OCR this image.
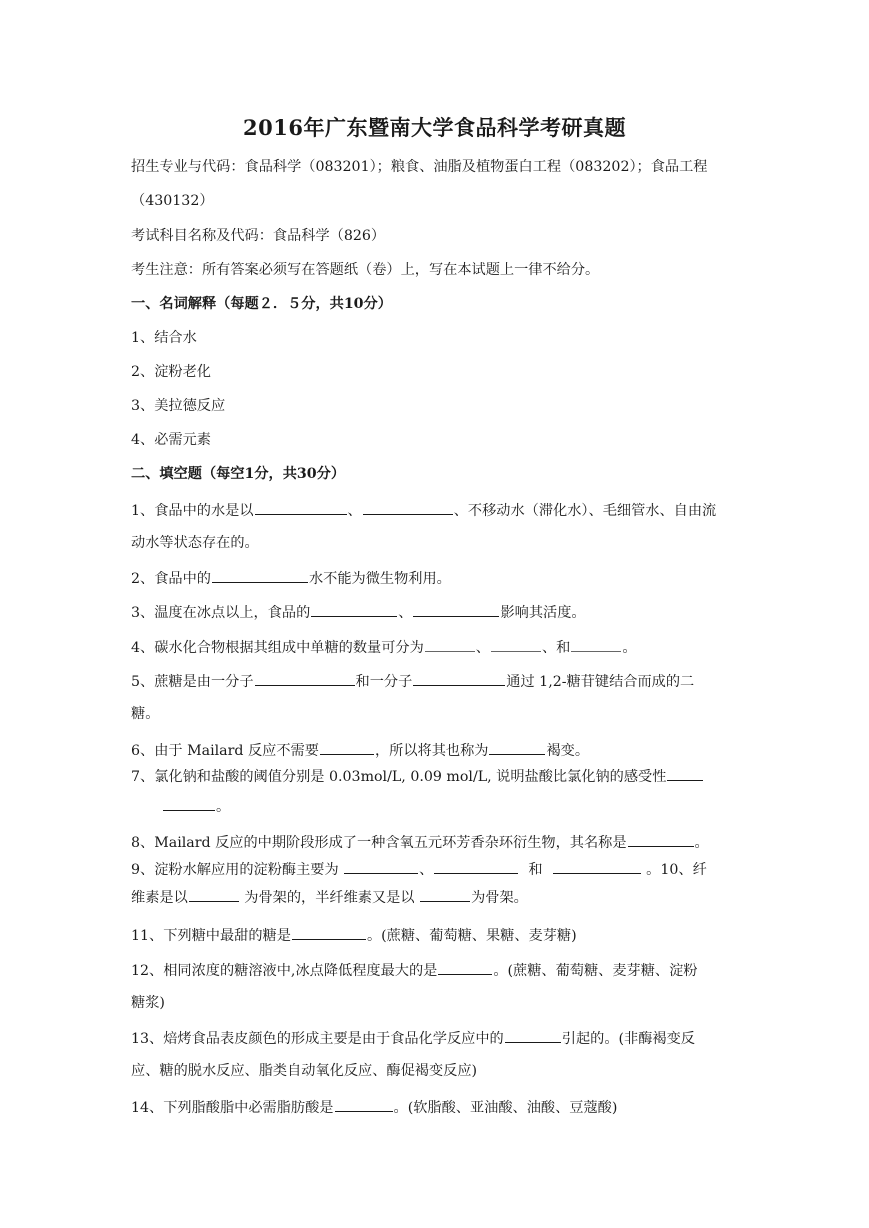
2016年广东暨南大学食品科学考研真题
招生专业与代码：食品科学（083201）；粮食、油脂及植物蛋白工程（083202）；食品工程
（430132）
考试科目名称及代码：食品科学（826）
考生注意：所有答案必须写在答题纸（卷）上，写在本试题上一律不给分。
一、名词解释（每题２．５分，共10分）
1、结合水
2、淀粉老化
3、美拉德反应
4、必需元素
二、填空题（每空1分，共30分）
1、食品中的水是以	、	、不移动水（滞化水）、毛细管水、自由流
动水等状态存在的。
2、食品中的	水不能为微生物利用。
3、温度在冰点以上，食品的	、	影响其活度。
4、碳水化合物根据其组成中单糖的数量可分为	、	、和	。
5、蔗糖是由一分子	和一分子	通过 1,2-糖苷键结合而成的二
糖。
6、由于 Mailard 反应不需要	，所以将其也称为	褐变。
7、氯化钠和盐酸的阈值分别是 0.03mol/L, 0.09 mol/L, 说明盐酸比氯化钠的感受性
。
8、Mailard 反应的中期阶段形成了一种含氧五元环芳香杂环衍生物，其名称是	。
9、淀粉水解应用的淀粉酶主要为	、	和	。10、纤
维素是以	为骨架的，半纤维素又是以	为骨架。
11、下列糖中最甜的糖是	。(蔗糖、葡萄糖、果糖、麦芽糖)
12、相同浓度的糖溶液中,冰点降低程度最大的是	。(蔗糖、葡萄糖、麦芽糖、淀粉
糖浆)
13、焙烤食品表皮颜色的形成主要是由于食品化学反应中的	引起的。(非酶褐变反
应、糖的脱水反应、脂类自动氧化反应、酶促褐变反应)
14、下列脂酸脂中必需脂肪酸是	。(软脂酸、亚油酸、油酸、豆蔻酸)
